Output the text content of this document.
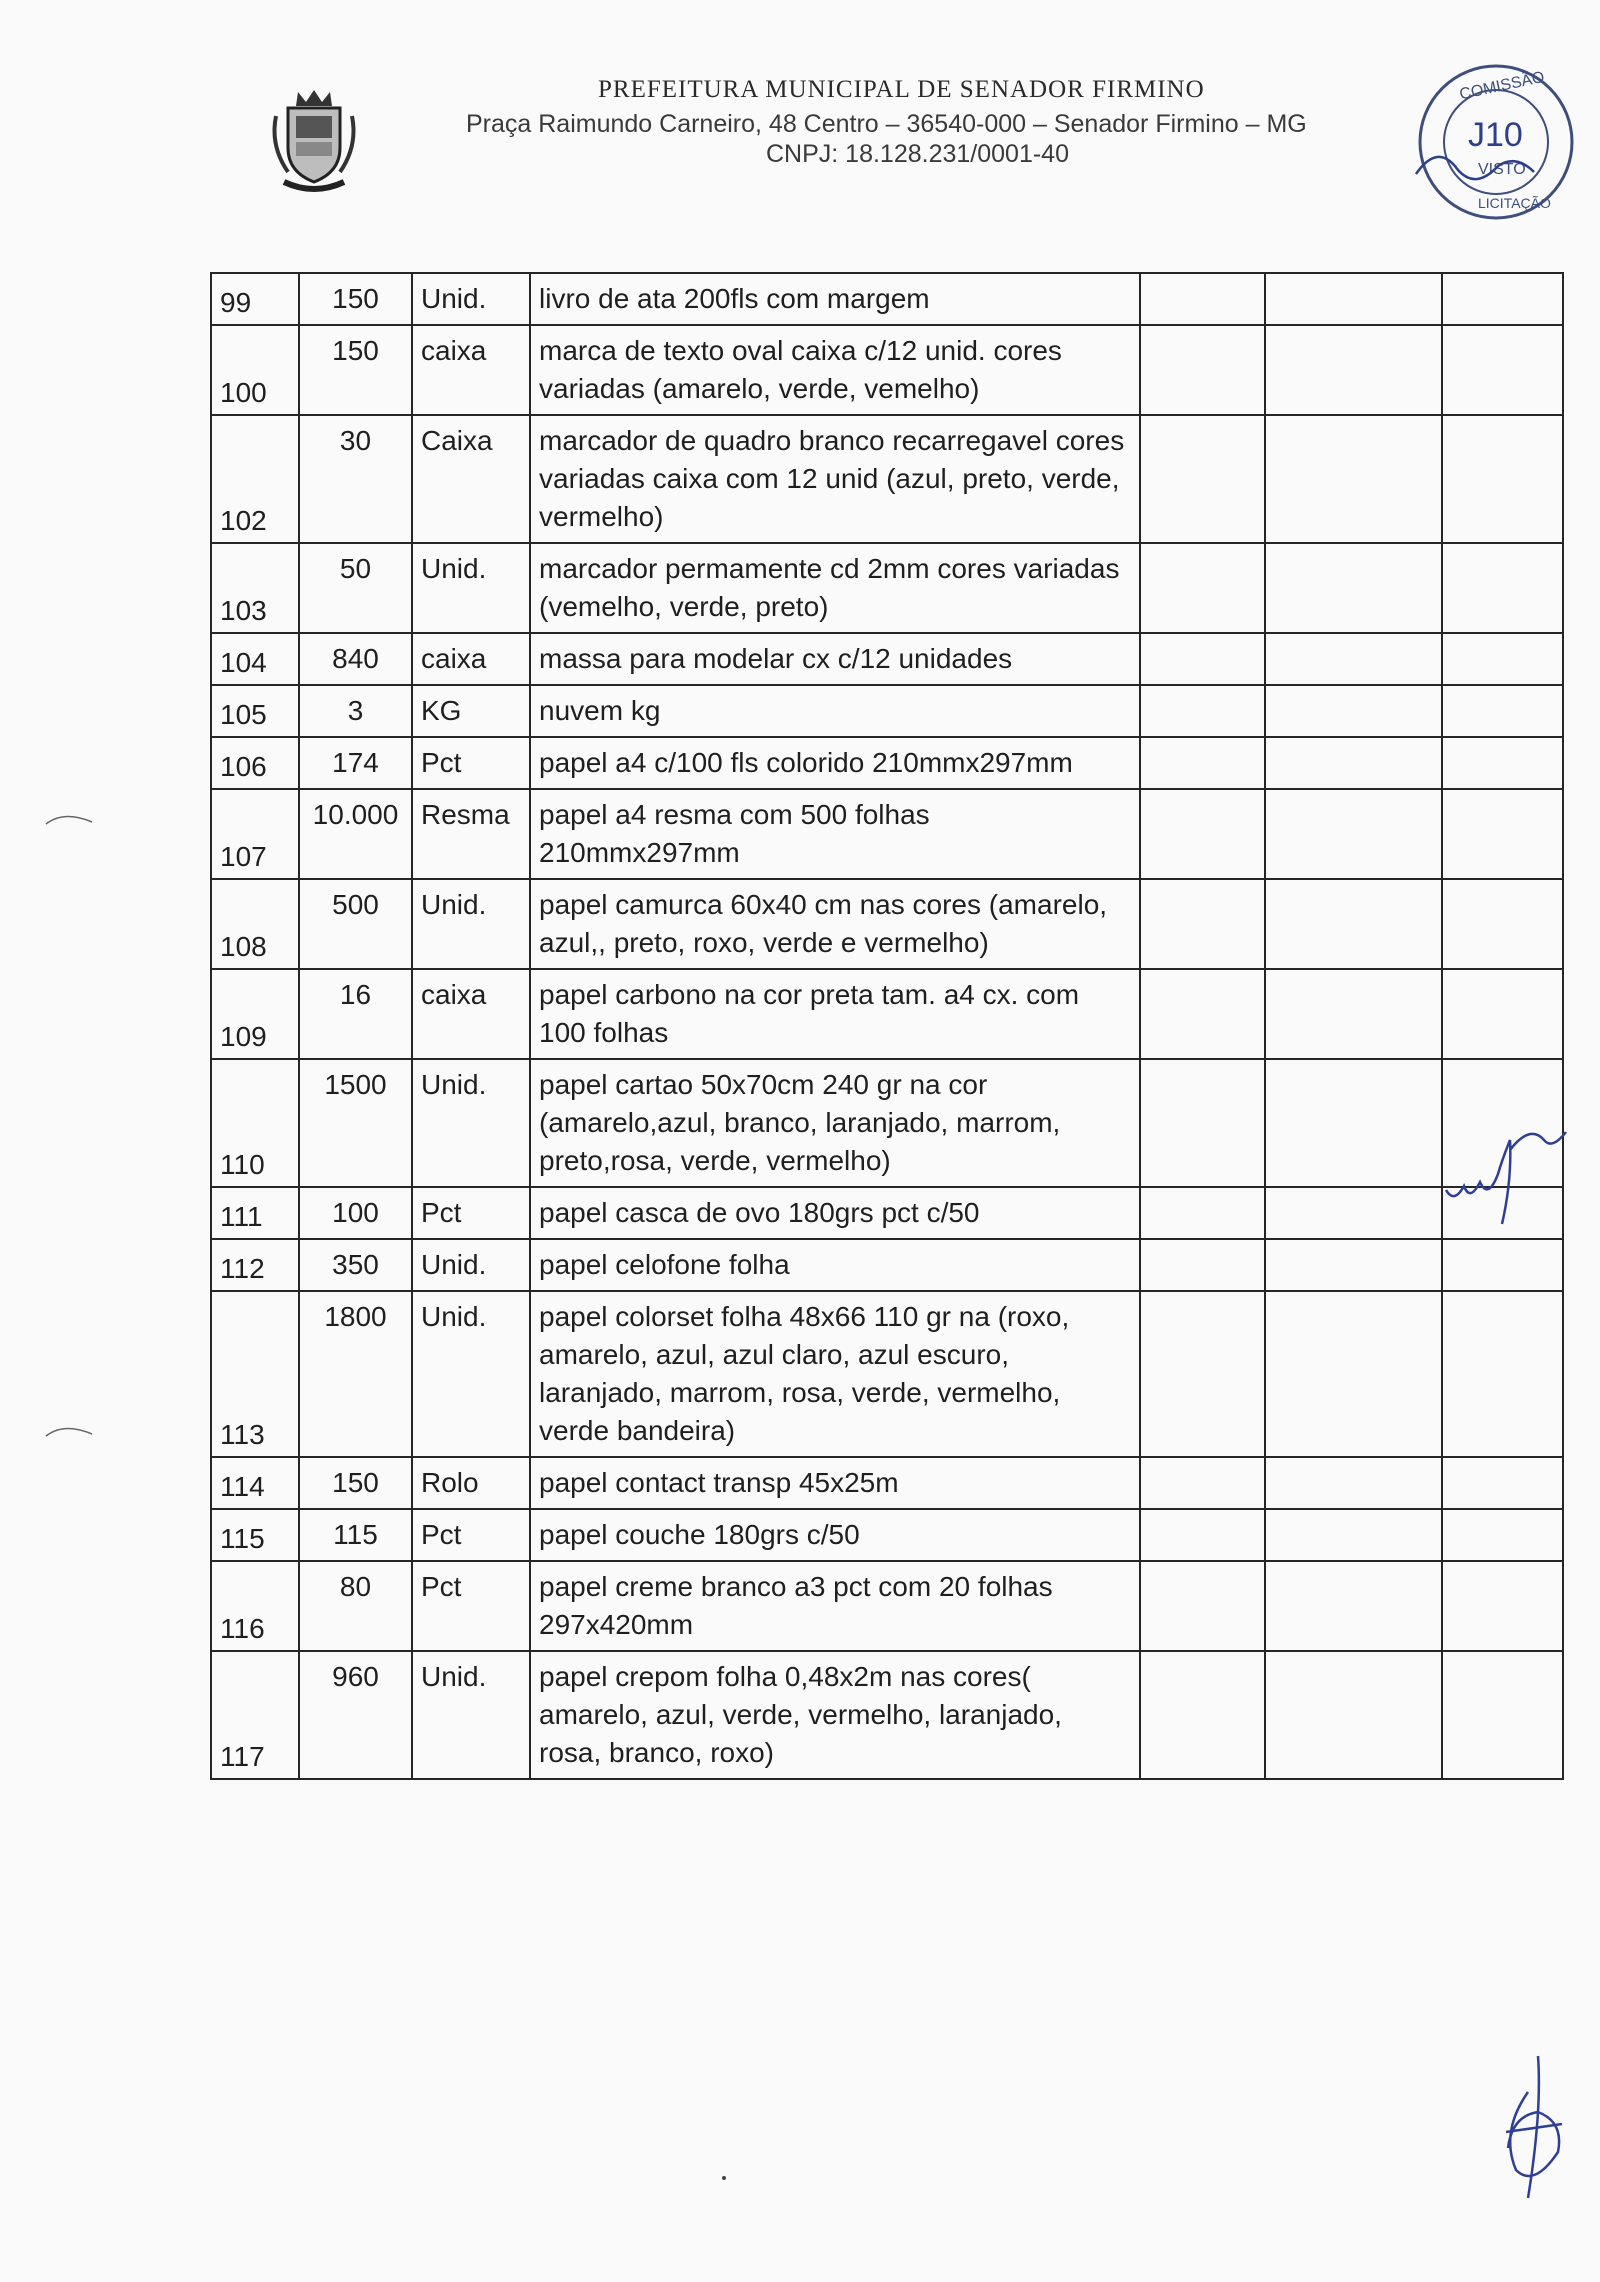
PREFEITURA MUNICIPAL DE SENADOR FIRMINO
Praça Raimundo Carneiro, 48 Centro – 36540-000 – Senador Firmino – MG
CNPJ: 18.128.231/0001-40
COMISSÃO
J10
VISTO
LICITAÇÃO
99	150	Unid.	livro de ata 200fls com margem			
100	150	caixa	marca de texto oval caixa c/12 unid. cores variadas (amarelo, verde, vemelho)			
102	30	Caixa	marcador de quadro branco recarregavel cores variadas caixa com 12 unid (azul, preto, verde, vermelho)			
103	50	Unid.	marcador permamente cd 2mm cores variadas (vemelho, verde, preto)			
104	840	caixa	massa para modelar cx c/12 unidades			
105	3	KG	nuvem kg			
106	174	Pct	papel a4 c/100 fls colorido 210mmx297mm			
107	10.000	Resma	papel a4 resma com 500 folhas 210mmx297mm			
108	500	Unid.	papel camurca 60x40 cm nas cores (amarelo, azul,, preto, roxo, verde e vermelho)			
109	16	caixa	papel carbono na cor preta tam. a4 cx. com 100 folhas			
110	1500	Unid.	papel cartao 50x70cm 240 gr na cor (amarelo,azul, branco, laranjado, marrom, preto,rosa, verde, vermelho)			
111	100	Pct	papel casca de ovo 180grs pct c/50			
112	350	Unid.	papel celofone folha			
113	1800	Unid.	papel colorset folha 48x66 110 gr na (roxo, amarelo, azul, azul claro, azul escuro, laranjado, marrom, rosa, verde, vermelho, verde bandeira)			
114	150	Rolo	papel contact transp 45x25m			
115	115	Pct	papel couche 180grs c/50			
116	80	Pct	papel creme branco a3 pct com 20 folhas 297x420mm			
117	960	Unid.	papel crepom folha 0,48x2m nas cores( amarelo, azul, verde, vermelho, laranjado, rosa, branco, roxo)			
